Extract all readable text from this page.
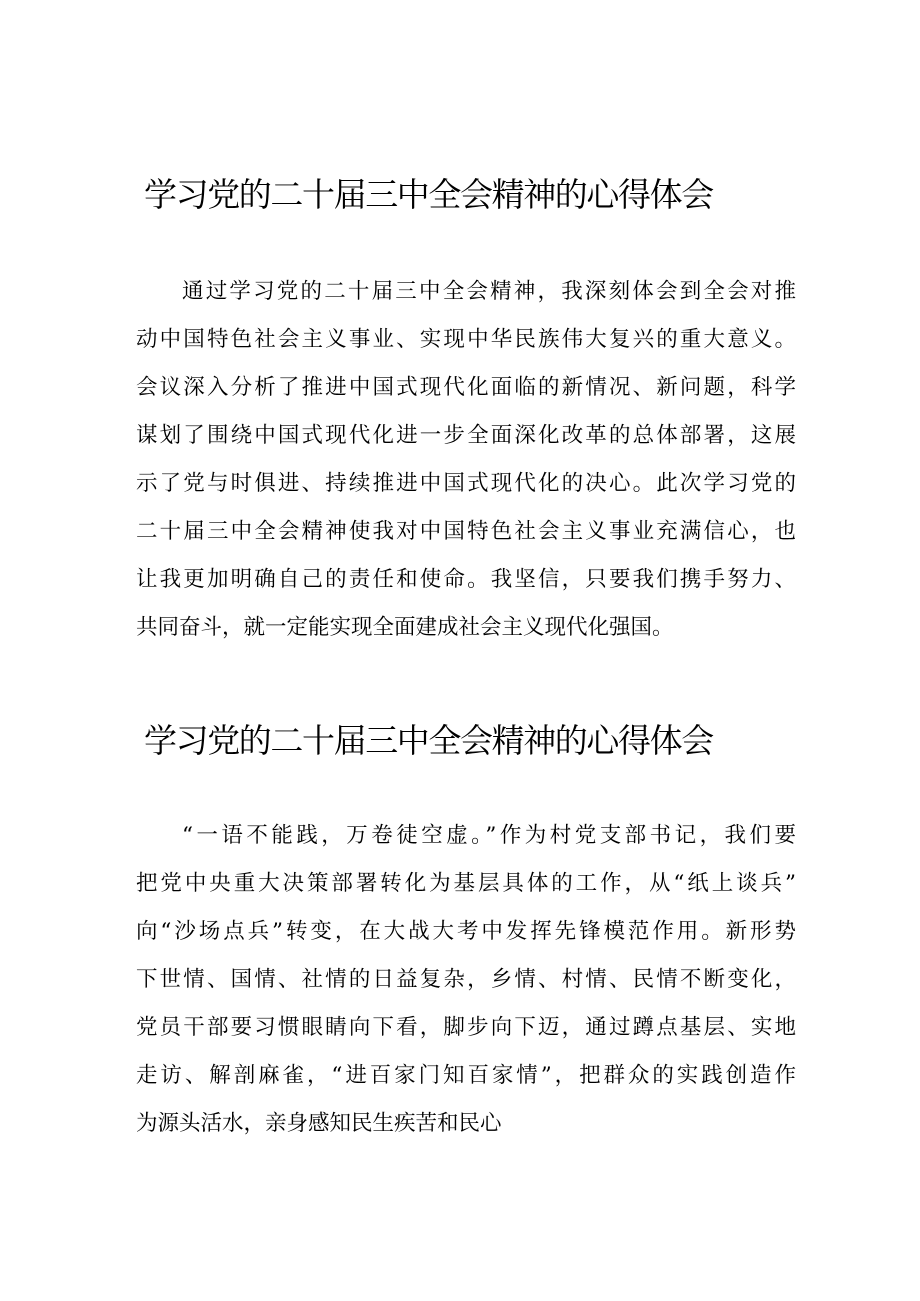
学习党的二十届三中全会精神的心得体会
通过学习党的二十届三中全会精神，我深刻体会到全会对推
动中国特色社会主义事业、实现中华民族伟大复兴的重大意义。
会议深入分析了推进中国式现代化面临的新情况、新问题，科学
谋划了围绕中国式现代化进一步全面深化改革的总体部署，这展
示了党与时俱进、持续推进中国式现代化的决心。此次学习党的
二十届三中全会精神使我对中国特色社会主义事业充满信心，也
让我更加明确自己的责任和使命。我坚信，只要我们携手努力、
共同奋斗，就一定能实现全面建成社会主义现代化强国。
学习党的二十届三中全会精神的心得体会
“一语不能践，万卷徒空虚。”作为村党支部书记，我们要
把党中央重大决策部署转化为基层具体的工作，从“纸上谈兵”
向“沙场点兵”转变，在大战大考中发挥先锋模范作用。新形势
下世情、国情、社情的日益复杂，乡情、村情、民情不断变化，
党员干部要习惯眼睛向下看，脚步向下迈，通过蹲点基层、实地
走访、解剖麻雀，“进百家门知百家情”，把群众的实践创造作
为源头活水，亲身感知民生疾苦和民心
